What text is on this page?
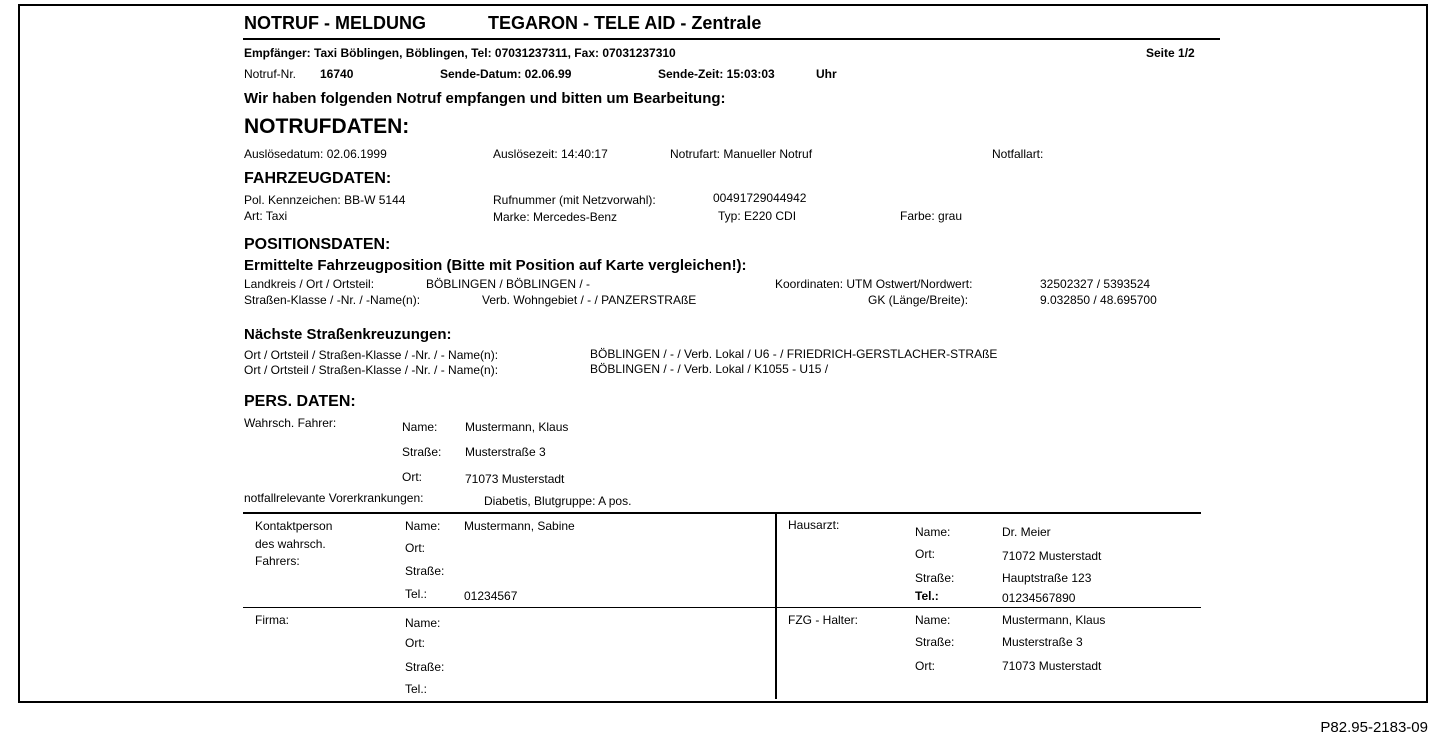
NOTRUF - MELDUNG	TEGARON - TELE AID - Zentrale
Empfänger: Taxi Böblingen, Böblingen, Tel: 07031237311, Fax: 07031237310	Seite 1/2
Notruf-Nr. 16740	Sende-Datum: 02.06.99	Sende-Zeit: 15:03:03	Uhr
Wir haben folgenden Notruf empfangen und bitten um Bearbeitung:
NOTRUFDATEN:
Auslösedatum: 02.06.1999	Auslösezeit: 14:40:17	Notrufart: Manueller Notruf	Notfallart:
FAHRZEUGDATEN:
Pol. Kennzeichen: BB-W 5144	Rufnummer (mit Netzvorwahl):	00491729044942
Art: Taxi	Marke: Mercedes-Benz	Typ: E220 CDI	Farbe: grau
POSITIONSDATEN:
Ermittelte Fahrzeugposition (Bitte mit Position auf Karte vergleichen!):
Landkreis / Ort / Ortsteil:	BÖBLINGEN / BÖBLINGEN / -	Koordinaten: UTM Ostwert/Nordwert:	32502327 / 5393524
Straßen-Klasse / -Nr. / -Name(n):	Verb. Wohngebiet / - / PANZERSTRAßE	GK (Länge/Breite):	9.032850 / 48.695700
Nächste Straßenkreuzungen:
Ort / Ortsteil / Straßen-Klasse / -Nr. / - Name(n):	BÖBLINGEN / - / Verb. Lokal / U6 - / FRIEDRICH-GERSTLACHER-STRAßE
Ort / Ortsteil / Straßen-Klasse / -Nr. / - Name(n):	BÖBLINGEN / - / Verb. Lokal / K1055 - U15 /
PERS. DATEN:
Wahrsch. Fahrer:	Name: Mustermann, Klaus
Straße: Musterstraße 3
Ort:	71073 Musterstadt
notfallrelevante Vorerkrankungen:	Diabetis, Blutgruppe: A pos.
Kontaktperson
des wahrsch.
Fahrers:
Name: Mustermann, Sabine
Ort:
Straße:
Tel.:	01234567
Hausarzt:	Name:	Dr. Meier
Ort:	71072 Musterstadt
Straße:	Hauptstraße 123
Tel.:	01234567890
Firma:	Name:
Ort:
Straße:
Tel.:
FZG - Halter:	Name:	Mustermann, Klaus
Straße:	Musterstraße 3
Ort:	71073 Musterstadt
P82.95-2183-09
